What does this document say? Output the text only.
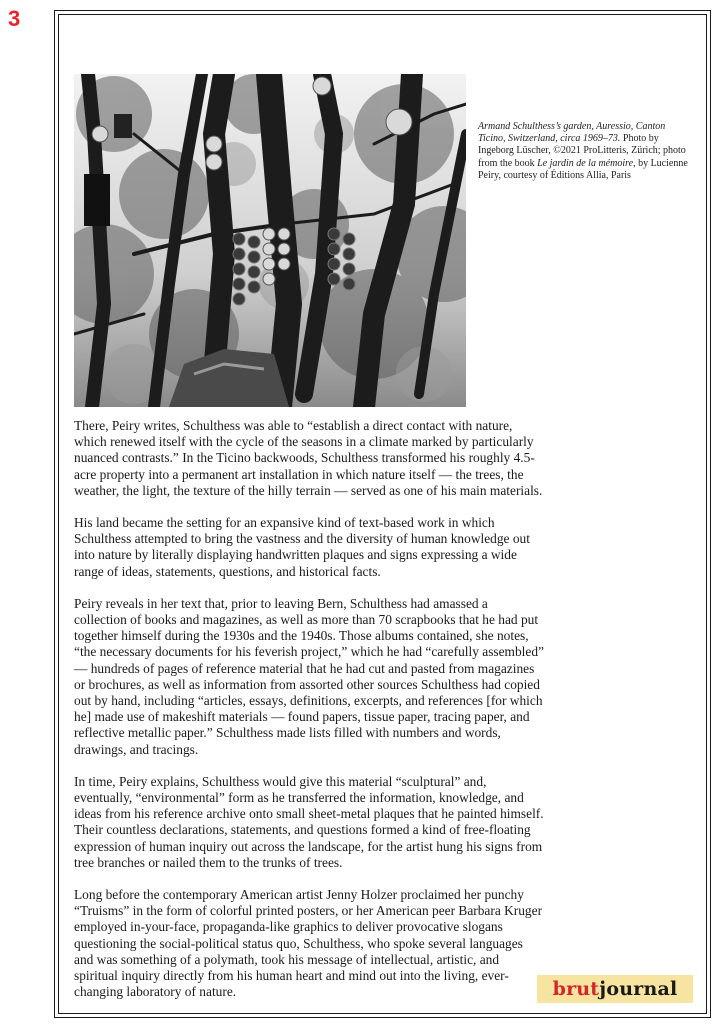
3
Armand Schulthess’s garden, Auressio, Canton Ticino, Switzerland, circa 1969–73. Photo by Ingeborg Lüscher, ©2021 ProLitteris, Zürich; photo from the book Le jardin de la mémoire, by Lucienne Peiry, courtesy of Éditions Allia, Paris

There, Peiry writes, Schulthess was able to “establish a direct contact with nature, which renewed itself with the cycle of the seasons in a climate marked by particularly nuanced contrasts.” In the Ticino backwoods, Schulthess transformed his roughly 4.5-acre property into a permanent art installation in which nature itself — the trees, the weather, the light, the texture of the hilly terrain — served as one of his main materials.

His land became the setting for an expansive kind of text-based work in which Schulthess attempted to bring the vastness and the diversity of human knowledge out into nature by literally displaying handwritten plaques and signs expressing a wide range of ideas, statements, questions, and historical facts.

Peiry reveals in her text that, prior to leaving Bern, Schulthess had amassed a collection of books and magazines, as well as more than 70 scrapbooks that he had put together himself during the 1930s and the 1940s. Those albums contained, she notes, “the necessary documents for his feverish project,” which he had “carefully assembled” — hundreds of pages of reference material that he had cut and pasted from magazines or brochures, as well as information from assorted other sources Schulthess had copied out by hand, including “articles, essays, definitions, excerpts, and references [for which he] made use of makeshift materials — found papers, tissue paper, tracing paper, and reflective metallic paper.” Schulthess made lists filled with numbers and words, drawings, and tracings.

In time, Peiry explains, Schulthess would give this material “sculptural” and, eventually, “environmental” form as he transferred the information, knowledge, and ideas from his reference archive onto small sheet-metal plaques that he painted himself. Their countless declarations, statements, and questions formed a kind of free-floating expression of human inquiry out across the landscape, for the artist hung his signs from tree branches or nailed them to the trunks of trees.

Long before the contemporary American artist Jenny Holzer proclaimed her punchy “Truisms” in the form of colorful printed posters, or her American peer Barbara Kruger employed in-your-face, propaganda-like graphics to deliver provocative slogans questioning the social-political status quo, Schulthess, who spoke several languages and was something of a polymath, took his message of intellectual, artistic, and spiritual inquiry directly from his human heart and mind out into the living, ever-changing laboratory of nature.	brut journal
